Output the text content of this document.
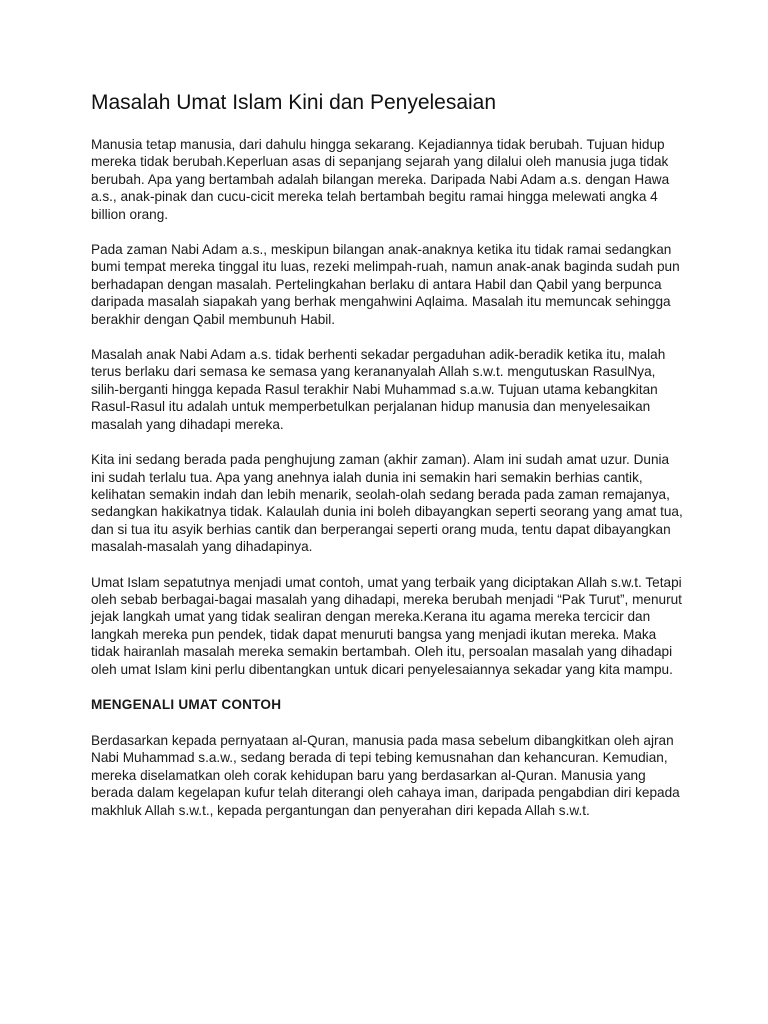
Masalah Umat Islam Kini dan Penyelesaian

Manusia tetap manusia, dari dahulu hingga sekarang. Kejadiannya tidak berubah. Tujuan hidup mereka tidak berubah.Keperluan asas di sepanjang sejarah yang dilalui oleh manusia juga tidak berubah. Apa yang bertambah adalah bilangan mereka. Daripada Nabi Adam a.s. dengan Hawa a.s., anak-pinak dan cucu-cicit mereka telah bertambah begitu ramai hingga melewati angka 4 billion orang.

Pada zaman Nabi Adam a.s., meskipun bilangan anak-anaknya ketika itu tidak ramai sedangkan bumi tempat mereka tinggal itu luas, rezeki melimpah-ruah, namun anak-anak baginda sudah pun berhadapan dengan masalah. Pertelingkahan berlaku di antara Habil dan Qabil yang berpunca daripada masalah siapakah yang berhak mengahwini Aqlaima. Masalah itu memuncak sehingga berakhir dengan Qabil membunuh Habil.

Masalah anak Nabi Adam a.s. tidak berhenti sekadar pergaduhan adik-beradik ketika itu, malah terus berlaku dari semasa ke semasa yang kerananyalah Allah s.w.t. mengutuskan RasulNya, silih-berganti hingga kepada Rasul terakhir Nabi Muhammad s.a.w. Tujuan utama kebangkitan Rasul-Rasul itu adalah untuk memperbetulkan perjalanan hidup manusia dan menyelesaikan masalah yang dihadapi mereka.

Kita ini sedang berada pada penghujung zaman (akhir zaman). Alam ini sudah amat uzur. Dunia ini sudah terlalu tua. Apa yang anehnya ialah dunia ini semakin hari semakin berhias cantik, kelihatan semakin indah dan lebih menarik, seolah-olah sedang berada pada zaman remajanya, sedangkan hakikatnya tidak. Kalaulah dunia ini boleh dibayangkan seperti seorang yang amat tua, dan si tua itu asyik berhias cantik dan berperangai seperti orang muda, tentu dapat dibayangkan masalah-masalah yang dihadapinya.

Umat Islam sepatutnya menjadi umat contoh, umat yang terbaik yang diciptakan Allah s.w.t. Tetapi oleh sebab berbagai-bagai masalah yang dihadapi, mereka berubah menjadi “Pak Turut”, menurut jejak langkah umat yang tidak sealiran dengan mereka.Kerana itu agama mereka tercicir dan langkah mereka pun pendek, tidak dapat menuruti bangsa yang menjadi ikutan mereka. Maka tidak hairanlah masalah mereka semakin bertambah. Oleh itu, persoalan masalah yang dihadapi oleh umat Islam kini perlu dibentangkan untuk dicari penyelesaiannya sekadar yang kita mampu.

MENGENALI UMAT CONTOH

Berdasarkan kepada pernyataan al-Quran, manusia pada masa sebelum dibangkitkan oleh ajran Nabi Muhammad s.a.w., sedang berada di tepi tebing kemusnahan dan kehancuran. Kemudian, mereka diselamatkan oleh corak kehidupan baru yang berdasarkan al-Quran. Manusia yang berada dalam kegelapan kufur telah diterangi oleh cahaya iman, daripada pengabdian diri kepada makhluk Allah s.w.t., kepada pergantungan dan penyerahan diri kepada Allah s.w.t.
